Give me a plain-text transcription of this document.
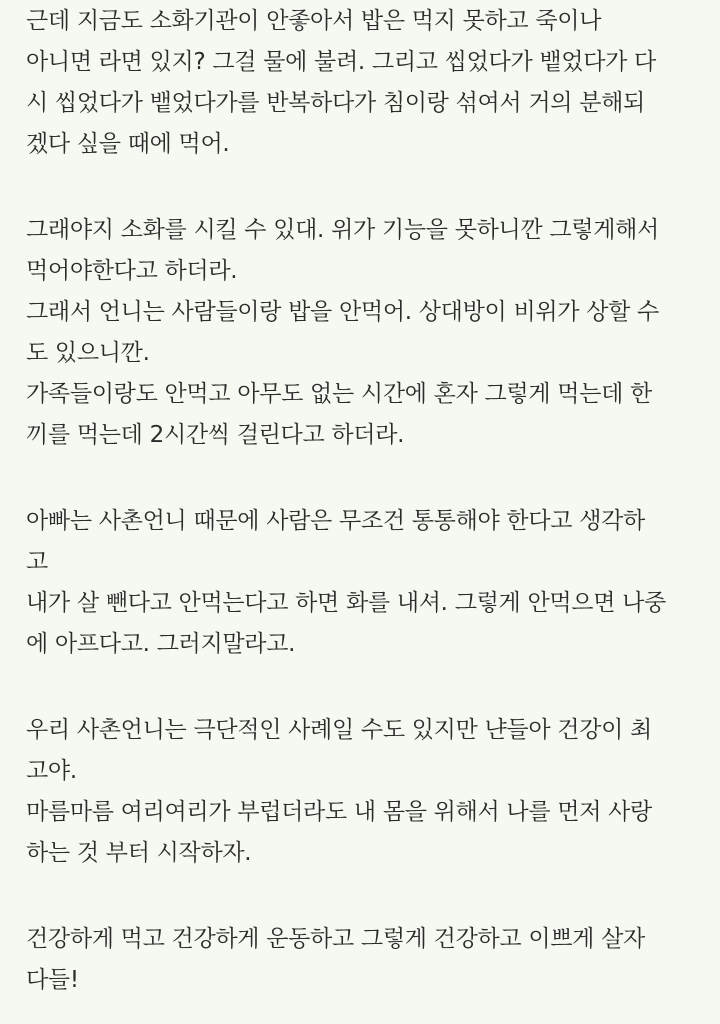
근데 지금도 소화기관이 안좋아서 밥은 먹지 못하고 죽이나
아니면 라면 있지? 그걸 물에 불려. 그리고 씹었다가 뱉었다가 다
시 씹었다가 뱉었다가를 반복하다가 침이랑 섞여서 거의 분해되
겠다 싶을 때에 먹어.
그래야지 소화를 시킬 수 있대. 위가 기능을 못하니깐 그렇게해서
먹어야한다고 하더라.
그래서 언니는 사람들이랑 밥을 안먹어. 상대방이 비위가 상할 수
도 있으니깐.
가족들이랑도 안먹고 아무도 없는 시간에 혼자 그렇게 먹는데 한
끼를 먹는데 2시간씩 걸린다고 하더라.
아빠는 사촌언니 때문에 사람은 무조건 통통해야 한다고 생각하
고
내가 살 뺀다고 안먹는다고 하면 화를 내셔. 그렇게 안먹으면 나중
에 아프다고. 그러지말라고.
우리 사촌언니는 극단적인 사례일 수도 있지만 냔들아 건강이 최
고야.
마름마름 여리여리가 부럽더라도 내 몸을 위해서 나를 먼저 사랑
하는 것 부터 시작하자.
건강하게 먹고 건강하게 운동하고 그렇게 건강하고 이쁘게 살자
다들!
